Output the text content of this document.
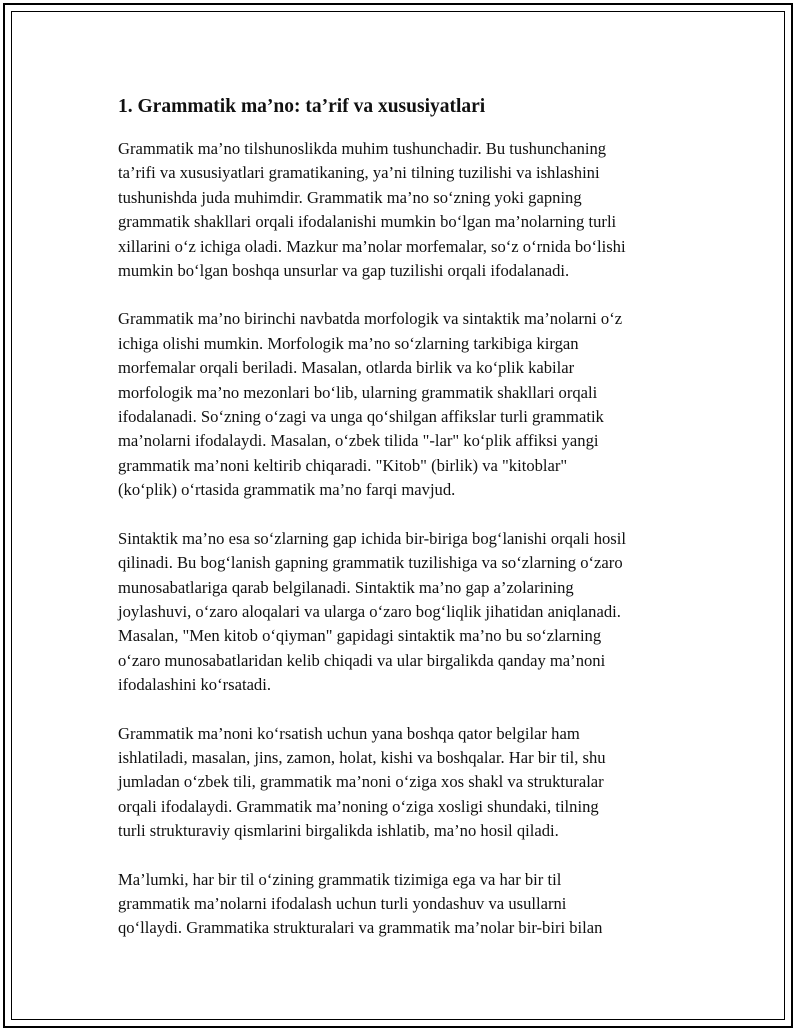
1. Grammatik ma’no: ta’rif va xususiyatlari

Grammatik ma’no tilshunoslikda muhim tushunchadir. Bu tushunchaning
ta’rifi va xususiyatlari gramatikaning, ya’ni tilning tuzilishi va ishlashini
tushunishda juda muhimdir. Grammatik ma’no so‘zning yoki gapning
grammatik shakllari orqali ifodalanishi mumkin bo‘lgan ma’nolarning turli
xillarini o‘z ichiga oladi. Mazkur ma’nolar morfemalar, so‘z o‘rnida bo‘lishi
mumkin bo‘lgan boshqa unsurlar va gap tuzilishi orqali ifodalanadi.

Grammatik ma’no birinchi navbatda morfologik va sintaktik ma’nolarni o‘z
ichiga olishi mumkin. Morfologik ma’no so‘zlarning tarkibiga kirgan
morfemalar orqali beriladi. Masalan, otlarda birlik va ko‘plik kabilar
morfologik ma’no mezonlari bo‘lib, ularning grammatik shakllari orqali
ifodalanadi. So‘zning o‘zagi va unga qo‘shilgan affikslar turli grammatik
ma’nolarni ifodalaydi. Masalan, o‘zbek tilida "-lar" ko‘plik affiksi yangi
grammatik ma’noni keltirib chiqaradi. "Kitob" (birlik) va "kitoblar"
(ko‘plik) o‘rtasida grammatik ma’no farqi mavjud.

Sintaktik ma’no esa so‘zlarning gap ichida bir-biriga bog‘lanishi orqali hosil
qilinadi. Bu bog‘lanish gapning grammatik tuzilishiga va so‘zlarning o‘zaro
munosabatlariga qarab belgilanadi. Sintaktik ma’no gap a’zolarining
joylashuvi, o‘zaro aloqalari va ularga o‘zaro bog‘liqlik jihatidan aniqlanadi.
Masalan, "Men kitob o‘qiyman" gapidagi sintaktik ma’no bu so‘zlarning
o‘zaro munosabatlaridan kelib chiqadi va ular birgalikda qanday ma’noni
ifodalashini ko‘rsatadi.

Grammatik ma’noni ko‘rsatish uchun yana boshqa qator belgilar ham
ishlatiladi, masalan, jins, zamon, holat, kishi va boshqalar. Har bir til, shu
jumladan o‘zbek tili, grammatik ma’noni o‘ziga xos shakl va strukturalar
orqali ifodalaydi. Grammatik ma’noning o‘ziga xosligi shundaki, tilning
turli strukturaviy qismlarini birgalikda ishlatib, ma’no hosil qiladi.

Ma’lumki, har bir til o‘zining grammatik tizimiga ega va har bir til
grammatik ma’nolarni ifodalash uchun turli yondashuv va usullarni
qo‘llaydi. Grammatika strukturalari va grammatik ma’nolar bir-biri bilan
